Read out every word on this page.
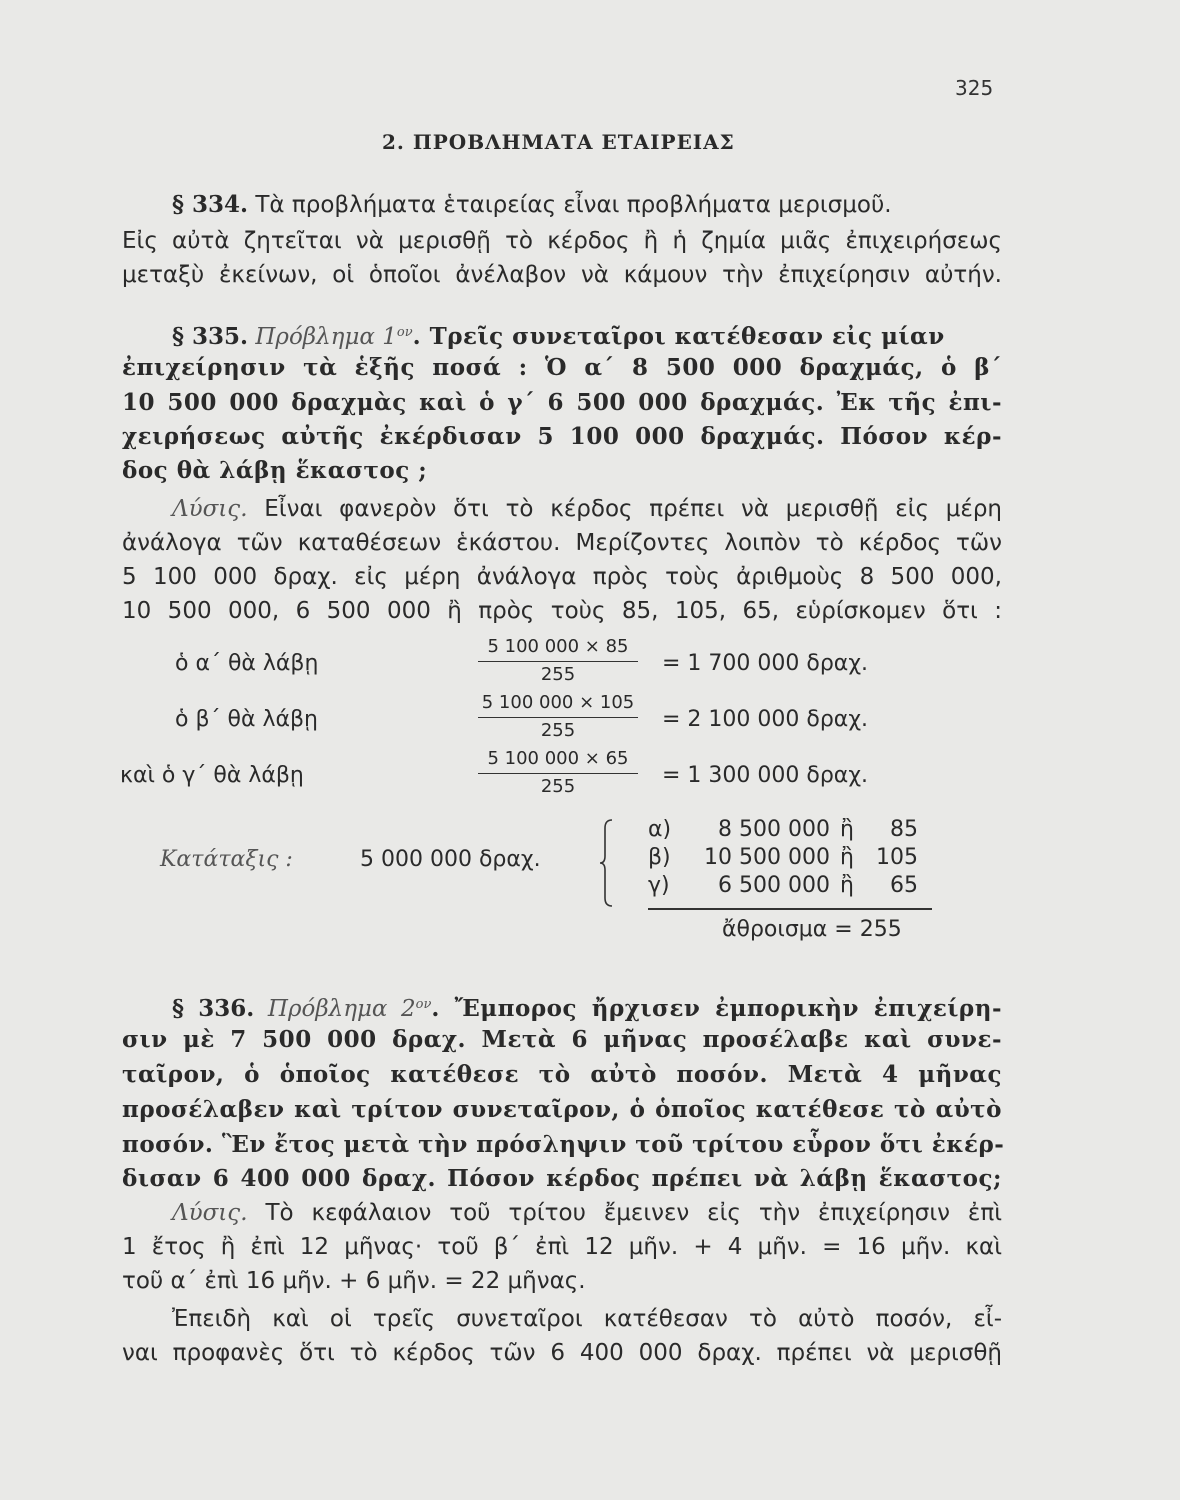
325
2. ΠΡΟΒΛΗΜΑΤΑ ΕΤΑΙΡΕΙΑΣ
§ 334. Τὰ προβλήματα ἑταιρείας εἶναι προβλήματα μερισμοῦ.
Εἰς αὐτὰ ζητεῖται νὰ μερισθῇ τὸ κέρδος ἢ ἡ ζημία μιᾶς ἐπιχειρήσεως
μεταξὺ ἐκείνων, οἱ ὁποῖοι ἀνέλαβον νὰ κάμουν τὴν ἐπιχείρησιν αὐτήν.
§ 335. Πρόβλημα $1^{o\nu}$. Τρεῖς συνεταῖροι κατέθεσαν εἰς μίαν
ἐπιχείρησιν τὰ ἑξῆς ποσά : Ὁ α΄ 8 500 000 δραχμάς, ὁ β΄
10 500 000 δραχμὰς καὶ ὁ γ΄ 6 500 000 δραχμάς. Ἐκ τῆς ἐπι-
χειρήσεως αὐτῆς ἐκέρδισαν 5 100 000 δραχμάς. Πόσον κέρ-
δος θὰ λάβῃ ἕκαστος ;
Λύσις. Εἶναι φανερὸν ὅτι τὸ κέρδος πρέπει νὰ μερισθῇ εἰς μέρη
ἀνάλογα τῶν καταθέσεων ἑκάστου. Μερίζοντες λοιπὸν τὸ κέρδος τῶν
5 100 000 δραχ. εἰς μέρη ἀνάλογα πρὸς τοὺς ἀριθμοὺς 8 500 000,
10 500 000, 6 500 000 ἢ πρὸς τοὺς 85, 105, 65, εὑρίσκομεν ὅτι :
ὁ α΄ θὰ λάβῃ
5 100 000 × 85
255	= 1 700 000 δραχ.
ὁ β΄ θὰ λάβῃ
5 100 000 × 105
255	= 2 100 000 δραχ.
καὶ ὁ γ΄ θὰ λάβῃ
5 100 000 × 65
255	= 1 300 000 δραχ.
Κατάταξις :	5 000 000 δραχ.
α)	8 500 000 ἢ	85
β)	10 500 000 ἢ	105
γ)	6 500 000 ἢ	65
ἄθροισμα = 255
§ 336. Πρόβλημα $2^{o\nu}$. Ἔμπορος ἤρχισεν ἐμπορικὴν ἐπιχείρη-
σιν μὲ 7 500 000 δραχ. Μετὰ 6 μῆνας προσέλαβε καὶ συνε-
ταῖρον, ὁ ὁποῖος κατέθεσε τὸ αὐτὸ ποσόν. Μετὰ 4 μῆνας
προσέλαβεν καὶ τρίτον συνεταῖρον, ὁ ὁποῖος κατέθεσε τὸ αὐτὸ
ποσόν. Ἓν ἔτος μετὰ τὴν πρόσληψιν τοῦ τρίτου εὗρον ὅτι ἐκέρ-
δισαν 6 400 000 δραχ. Πόσον κέρδος πρέπει νὰ λάβῃ ἕκαστος;
Λύσις. Τὸ κεφάλαιον τοῦ τρίτου ἔμεινεν εἰς τὴν ἐπιχείρησιν ἐπὶ
1 ἔτος ἢ ἐπὶ 12 μῆνας· τοῦ β΄ ἐπὶ 12 μῆν. + 4 μῆν. = 16 μῆν. καὶ
τοῦ α΄ ἐπὶ 16 μῆν. + 6 μῆν. = 22 μῆνας.
Ἐπειδὴ καὶ οἱ τρεῖς συνεταῖροι κατέθεσαν τὸ αὐτὸ ποσόν, εἶ-
ναι προφανὲς ὅτι τὸ κέρδος τῶν 6 400 000 δραχ. πρέπει νὰ μερισθῇ
